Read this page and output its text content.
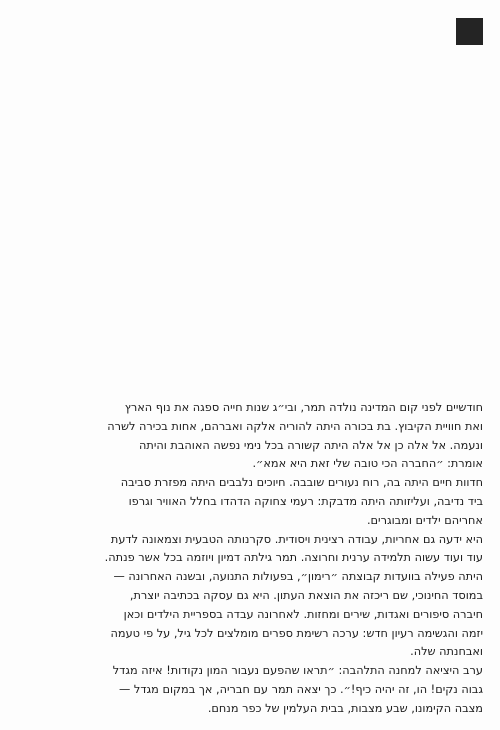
חודשיים לפני קום המדינה נולדה תמר, ובי״ג שנות חייה ספגה את נוף הארץ
ואת חוויית הקיבוץ. בת בכורה היתה להוריה אלקה ואברהם, אחות בכירה לשרה
ונעמה. אל אלה כן אל אלה היתה קשורה בכל נימי נפשה האוהבת והיתה
אומרת: ״החברה הכי טובה שלי זאת היא אמא״.

חדוות חיים היתה בה, רוח נעורים שובבה. חיוכים נלבבים היתה מפזרת סביבה
ביד נדיבה, ועליזותה היתה מדבקת: רעמי צחוקה הדהדו בחלל האוויר וגרפו
אחריהם ילדים ומבוגרים.

היא ידעה גם אחריות, עבודה רצינית ויסודית. סקרנותה הטבעית וצמאונה לדעת
עוד ועוד עשוה תלמידה ערנית וחרוצה. תמר גילתה דמיון ויוזמה בכל אשר פנתה.
היתה פעילה בוועדות קבוצתה ״רימון״, בפעולות התנועה, ובשנה האחרונה —
במוסד החינוכי, שם ריכזה את הוצאת העתון. היא גם עסקה בכתיבה יוצרת,
חיברה סיפורים ואגדות, שירים ומחזות. לאחרונה עבדה בספריית הילדים וכאן
יזמה והגשימה רעיון חדש: ערכה רשימת ספרים מומלצים לכל גיל, על פי טעמה
ואבחנתה שלה.

ערב היציאה למחנה התלהבה: ״תראו שהפעם נעבור המון נקודות! איזה מגדל
גבוה נקים! הו, זה יהיה כיף!״. כך יצאה תמר עם חבריה, אך במקום מגדל —
מצבה הקימונו, שבע מצבות, בבית העלמין של כפר מנחם.
